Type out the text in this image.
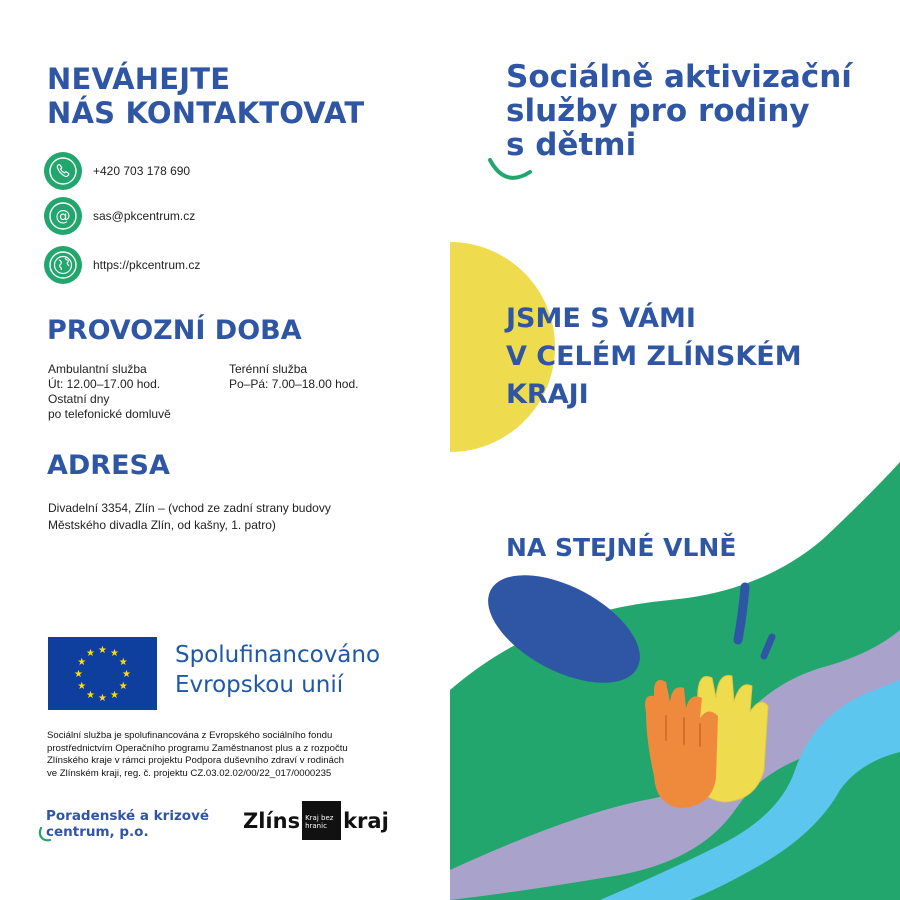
NEVÁHEJTE
NÁS KONTAKTOVAT
+420 703 178 690
@ sas@pkcentrum.cz
https://pkcentrum.cz
PROVOZNÍ DOBA
Ambulantní služba
Út: 12.00–17.00 hod.
Ostatní dny
po telefonické domluvě
Terénní služba
Po–Pá: 7.00–18.00 hod.
ADRESA
Divadelní 3354, Zlín – (vchod ze zadní strany budovy
Městského divadla Zlín, od kašny, 1. patro)
★ ★
★
★
★
★
★
★
★
★
★
★	Spolufinancováno
Evropskou unií
Sociální služba je spolufinancována z Evropského sociálního fondu
prostřednictvím Operačního programu Zaměstnanost plus a z rozpočtu
Zlínského kraje v rámci projektu Podpora duševního zdraví v rodinách
ve Zlínském kraji, reg. č. projektu CZ.03.02.02/00/22_017/0000235
Poradenské a krizové
centrum, p.o.	Zlíns Kraj bez
hranic kraj
Sociálně aktivizační
služby pro rodiny
s dětmi
JSME S VÁMI
V CELÉM ZLÍNSKÉM
KRAJI
NA STEJNÉ VLNĚ
